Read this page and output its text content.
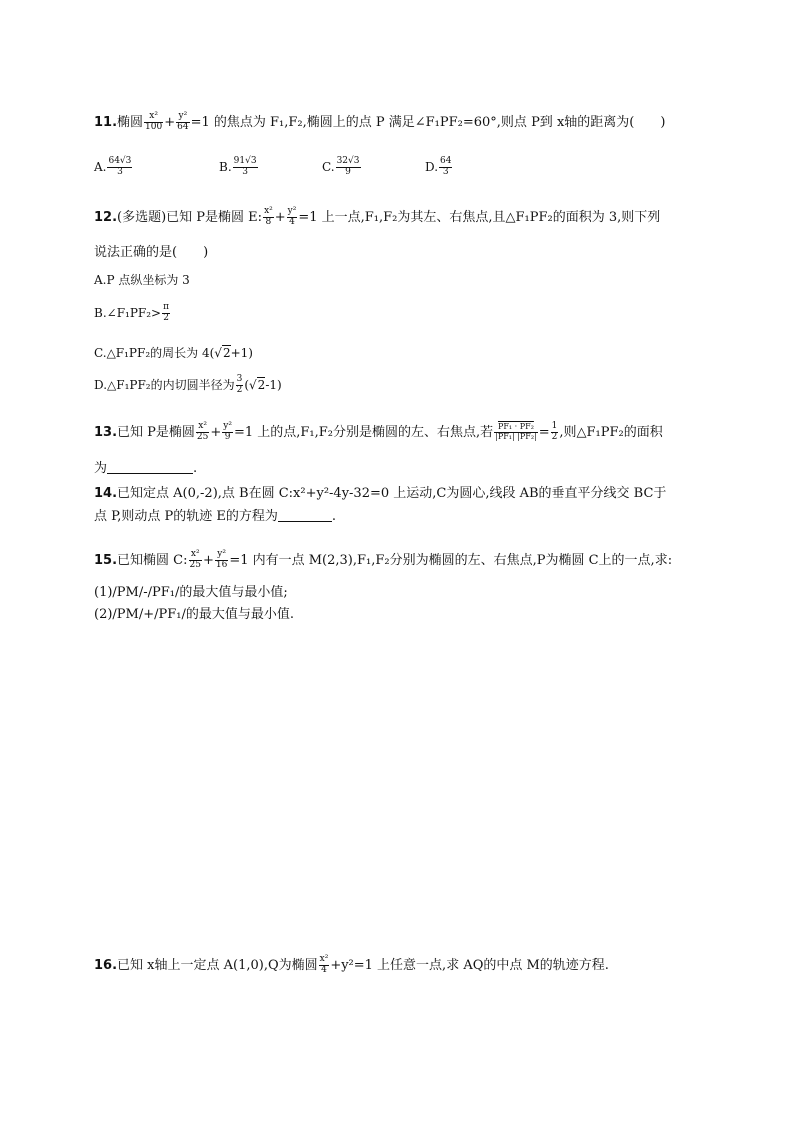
11.椭圆 $\frac{\text{x²}}{100} + \frac{\text{y²}}{64} =1$ 的焦点为 F₁,F₂,椭圆上的点 P 满足∠F₁PF₂=60°,则点 P到 x轴的距离为(　　)
A. $\frac{64√3}{3}$	B. $\frac{91√3}{3}$	C. $\frac{32√3}{9}$	D. $\frac{64}{3}$
12.(多选题)已知 P是椭圆 E: $\frac{\text{x²}}{8} + \frac{\text{y²}}{4} =1$ 上一点,F₁,F₂为其左、右焦点,且△F₁PF₂的面积为 3,则下列
说法正确的是(　　)
A.P 点纵坐标为 3
B.∠F₁PF₂> $\frac{\pi}{2}$
C.△F₁PF₂的周长为 4(√2+1)
D.△F₁PF₂的内切圆半径为 $\frac{3}{2} (√2-1)$
13.已知 P是椭圆 $\frac{\text{x²}}{25} + \frac{\text{y²}}{9} =1$ 上的点,F₁,F₂分别是椭圆的左、右焦点,若 $\frac{\text{PF₁ · PF₂}}{\text{|PF₁| |PF₂|}} = \frac{1}{2}$ ,则△F₁PF₂的面积
为	.
14.已知定点 A(0,-2),点 B在圆 C:x²+y²-4y-32=0 上运动,C为圆心,线段 AB的垂直平分线交 BC于
点 P,则动点 P的轨迹 E的方程为	.
15.已知椭圆 C: $\frac{\text{x²}}{25} + \frac{\text{y²}}{16} =1$ 内有一点 M(2,3),F₁,F₂分别为椭圆的左、右焦点,P为椭圆 C上的一点,求:
(1)/PM/-/PF₁/的最大值与最小值;
(2)/PM/+/PF₁/的最大值与最小值.
16.已知 x轴上一定点 A(1,0),Q为椭圆 $\frac{\text{x²}}{4} +y^2=1$ 上任意一点,求 AQ的中点 M的轨迹方程.
